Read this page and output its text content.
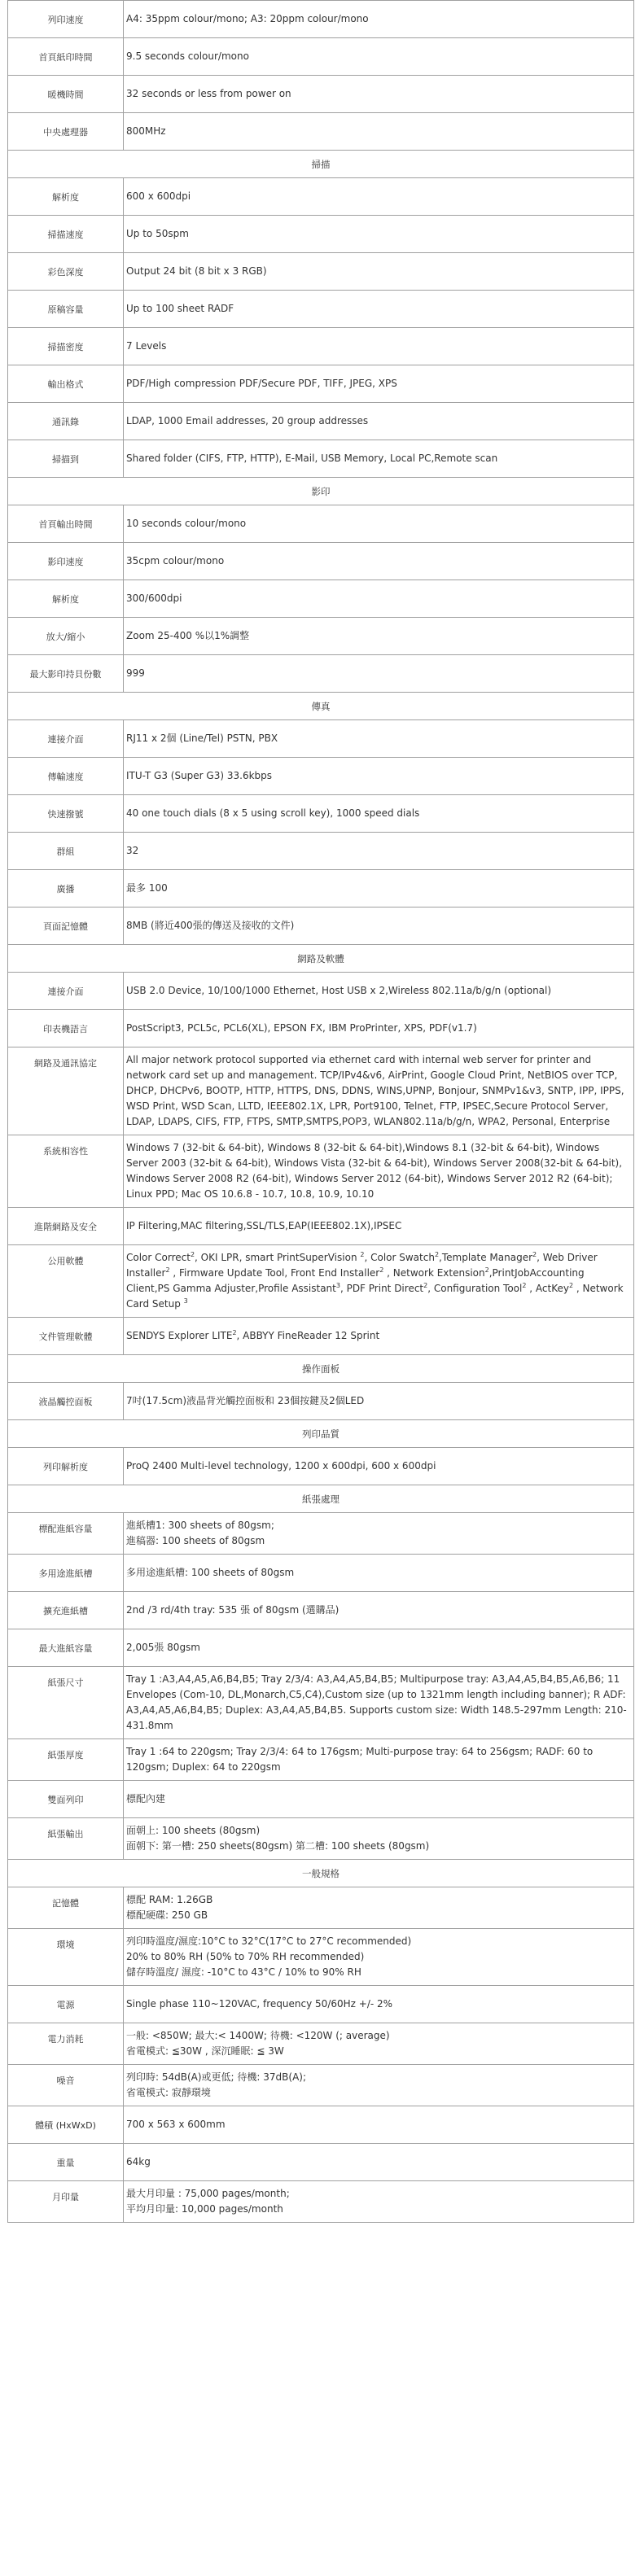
列印速度	A4: 35ppm colour/mono; A3: 20ppm colour/mono

首頁紙印時間	9.5 seconds colour/mono

暖機時間	32 seconds or less from power on

中央處理器	800MHz

掃描	
解析度	600 x 600dpi

掃描速度	Up to 50spm

彩色深度	Output 24 bit (8 bit x 3 RGB)

原稿容量	Up to 100 sheet RADF

掃描密度	7 Levels

輸出格式	PDF/High compression PDF/Secure PDF, TIFF, JPEG, XPS

通訊錄	LDAP, 1000 Email addresses, 20 group addresses

掃描到	Shared folder (CIFS, FTP, HTTP), E-Mail, USB Memory, Local PC,Remote scan

影印	
首頁輸出時間	10 seconds colour/mono

影印速度	35cpm colour/mono

解析度	300/600dpi

放大/縮小	Zoom 25-400 %以1%調整

最大影印持貝份數	999

傳真	
連接介面	RJ11 x 2個 (Line/Tel) PSTN, PBX

傳輸速度	ITU-T G3 (Super G3) 33.6kbps

快速撥號	40 one touch dials (8 x 5 using scroll key), 1000 speed dials

群組	32

廣播	最多 100

頁面記憶體	8MB (將近400張的傳送及接收的文件)

網路及軟體	
連接介面	USB 2.0 Device, 10/100/1000 Ethernet, Host USB x 2,Wireless 802.11a/b/g/n (optional)

印表機語言	PostScript3, PCL5c, PCL6(XL), EPSON FX, IBM ProPrinter, XPS, PDF(v1.7)

網路及通訊協定	All major network protocol supported via ethernet card with internal web server for printer and network card set up and management. TCP/IPv4&v6, AirPrint, Google Cloud Print, NetBIOS over TCP, DHCP, DHCPv6, BOOTP, HTTP, HTTPS, DNS, DDNS, WINS,UPNP, Bonjour, SNMPv1&v3, SNTP, IPP, IPPS, WSD Print, WSD Scan, LLTD, IEEE802.1X, LPR, Port9100, Telnet, FTP, IPSEC,Secure Protocol Server, LDAP, LDAPS, CIFS, FTP, FTPS, SMTP,SMTPS,POP3, WLAN802.11a/b/g/n, WPA2, Personal, Enterprise

系統相容性	Windows 7 (32-bit & 64-bit), Windows 8 (32-bit & 64-bit),Windows 8.1 (32-bit & 64-bit), Windows Server 2003 (32-bit & 64-bit), Windows Vista (32-bit & 64-bit), Windows Server 2008(32-bit & 64-bit), Windows Server 2008 R2 (64-bit), Windows Server 2012 (64-bit), Windows Server 2012 R2 (64-bit); Linux PPD; Mac OS 10.6.8 - 10.7, 10.8, 10.9, 10.10

進階網路及安全	IP Filtering,MAC filtering,SSL/TLS,EAP(IEEE802.1X),IPSEC

公用軟體	Color Correct$^2$, OKI LPR, smart PrintSuperVision $^2$, Color Swatch$^2$,Template Manager$^2$, Web Driver Installer$^2$ , Firmware Update Tool, Front End Installer$^2$ , Network Extension$^2$,PrintJobAccounting Client,PS Gamma Adjuster,Profile Assistant$^3$, PDF Print Direct$^2$, Configuration Tool$^2$ , ActKey$^2$ , Network Card Setup $^3$

文件管理軟體	SENDYS Explorer LITE$^2$, ABBYY FineReader 12 Sprint

操作面板	
液晶觸控面板	7吋(17.5cm)液晶背光觸控面板和 23個按鍵及2個LED

列印品質	
列印解析度	ProQ 2400 Multi-level technology, 1200 x 600dpi, 600 x 600dpi

紙張處理	
標配進紙容量	進紙槽1: 300 sheets of 80gsm;
進稿器: 100 sheets of 80gsm

多用途進紙槽	多用途進紙槽: 100 sheets of 80gsm

擴充進紙槽	2nd /3 rd/4th tray: 535 張 of 80gsm (選購品)

最大進紙容量	2,005張 80gsm

紙張尺寸	Tray 1 :A3,A4,A5,A6,B4,B5; Tray 2/3/4: A3,A4,A5,B4,B5; Multipurpose tray: A3,A4,A5,B4,B5,A6,B6; 11 Envelopes (Com-10, DL,Monarch,C5,C4),Custom size (up to 1321mm length including banner); R ADF: A3,A4,A5,A6,B4,B5; Duplex: A3,A4,A5,B4,B5. Supports custom size: Width 148.5-297mm Length: 210-431.8mm

紙張厚度	Tray 1 :64 to 220gsm; Tray 2/3/4: 64 to 176gsm; Multi-purpose tray: 64 to 256gsm; RADF: 60 to 120gsm; Duplex: 64 to 220gsm

雙面列印	標配內建

紙張輸出	面朝上: 100 sheets (80gsm)
面朝下: 第一槽: 250 sheets(80gsm) 第二槽: 100 sheets (80gsm)

一般規格	
記憶體	標配 RAM: 1.26GB
標配硬碟: 250 GB

環境	列印時溫度/濕度:10°C to 32°C(17°C to 27°C recommended)
20% to 80% RH (50% to 70% RH recommended)
儲存時溫度/ 濕度: -10°C to 43°C / 10% to 90% RH

電源	Single phase 110~120VAC, frequency 50/60Hz +/- 2%

電力消耗	一般: <850W; 最大:< 1400W; 待機: <120W (; average)
省電模式: ≦30W , 深沉睡眠: ≦ 3W

噪音	列印時: 54dB(A)或更低; 待機: 37dB(A);
省電模式: 寂靜環境

體積 (HxWxD)	700 x 563 x 600mm

重量	64kg

月印量	最大月印量 : 75,000 pages/month;
平均月印量: 10,000 pages/month
